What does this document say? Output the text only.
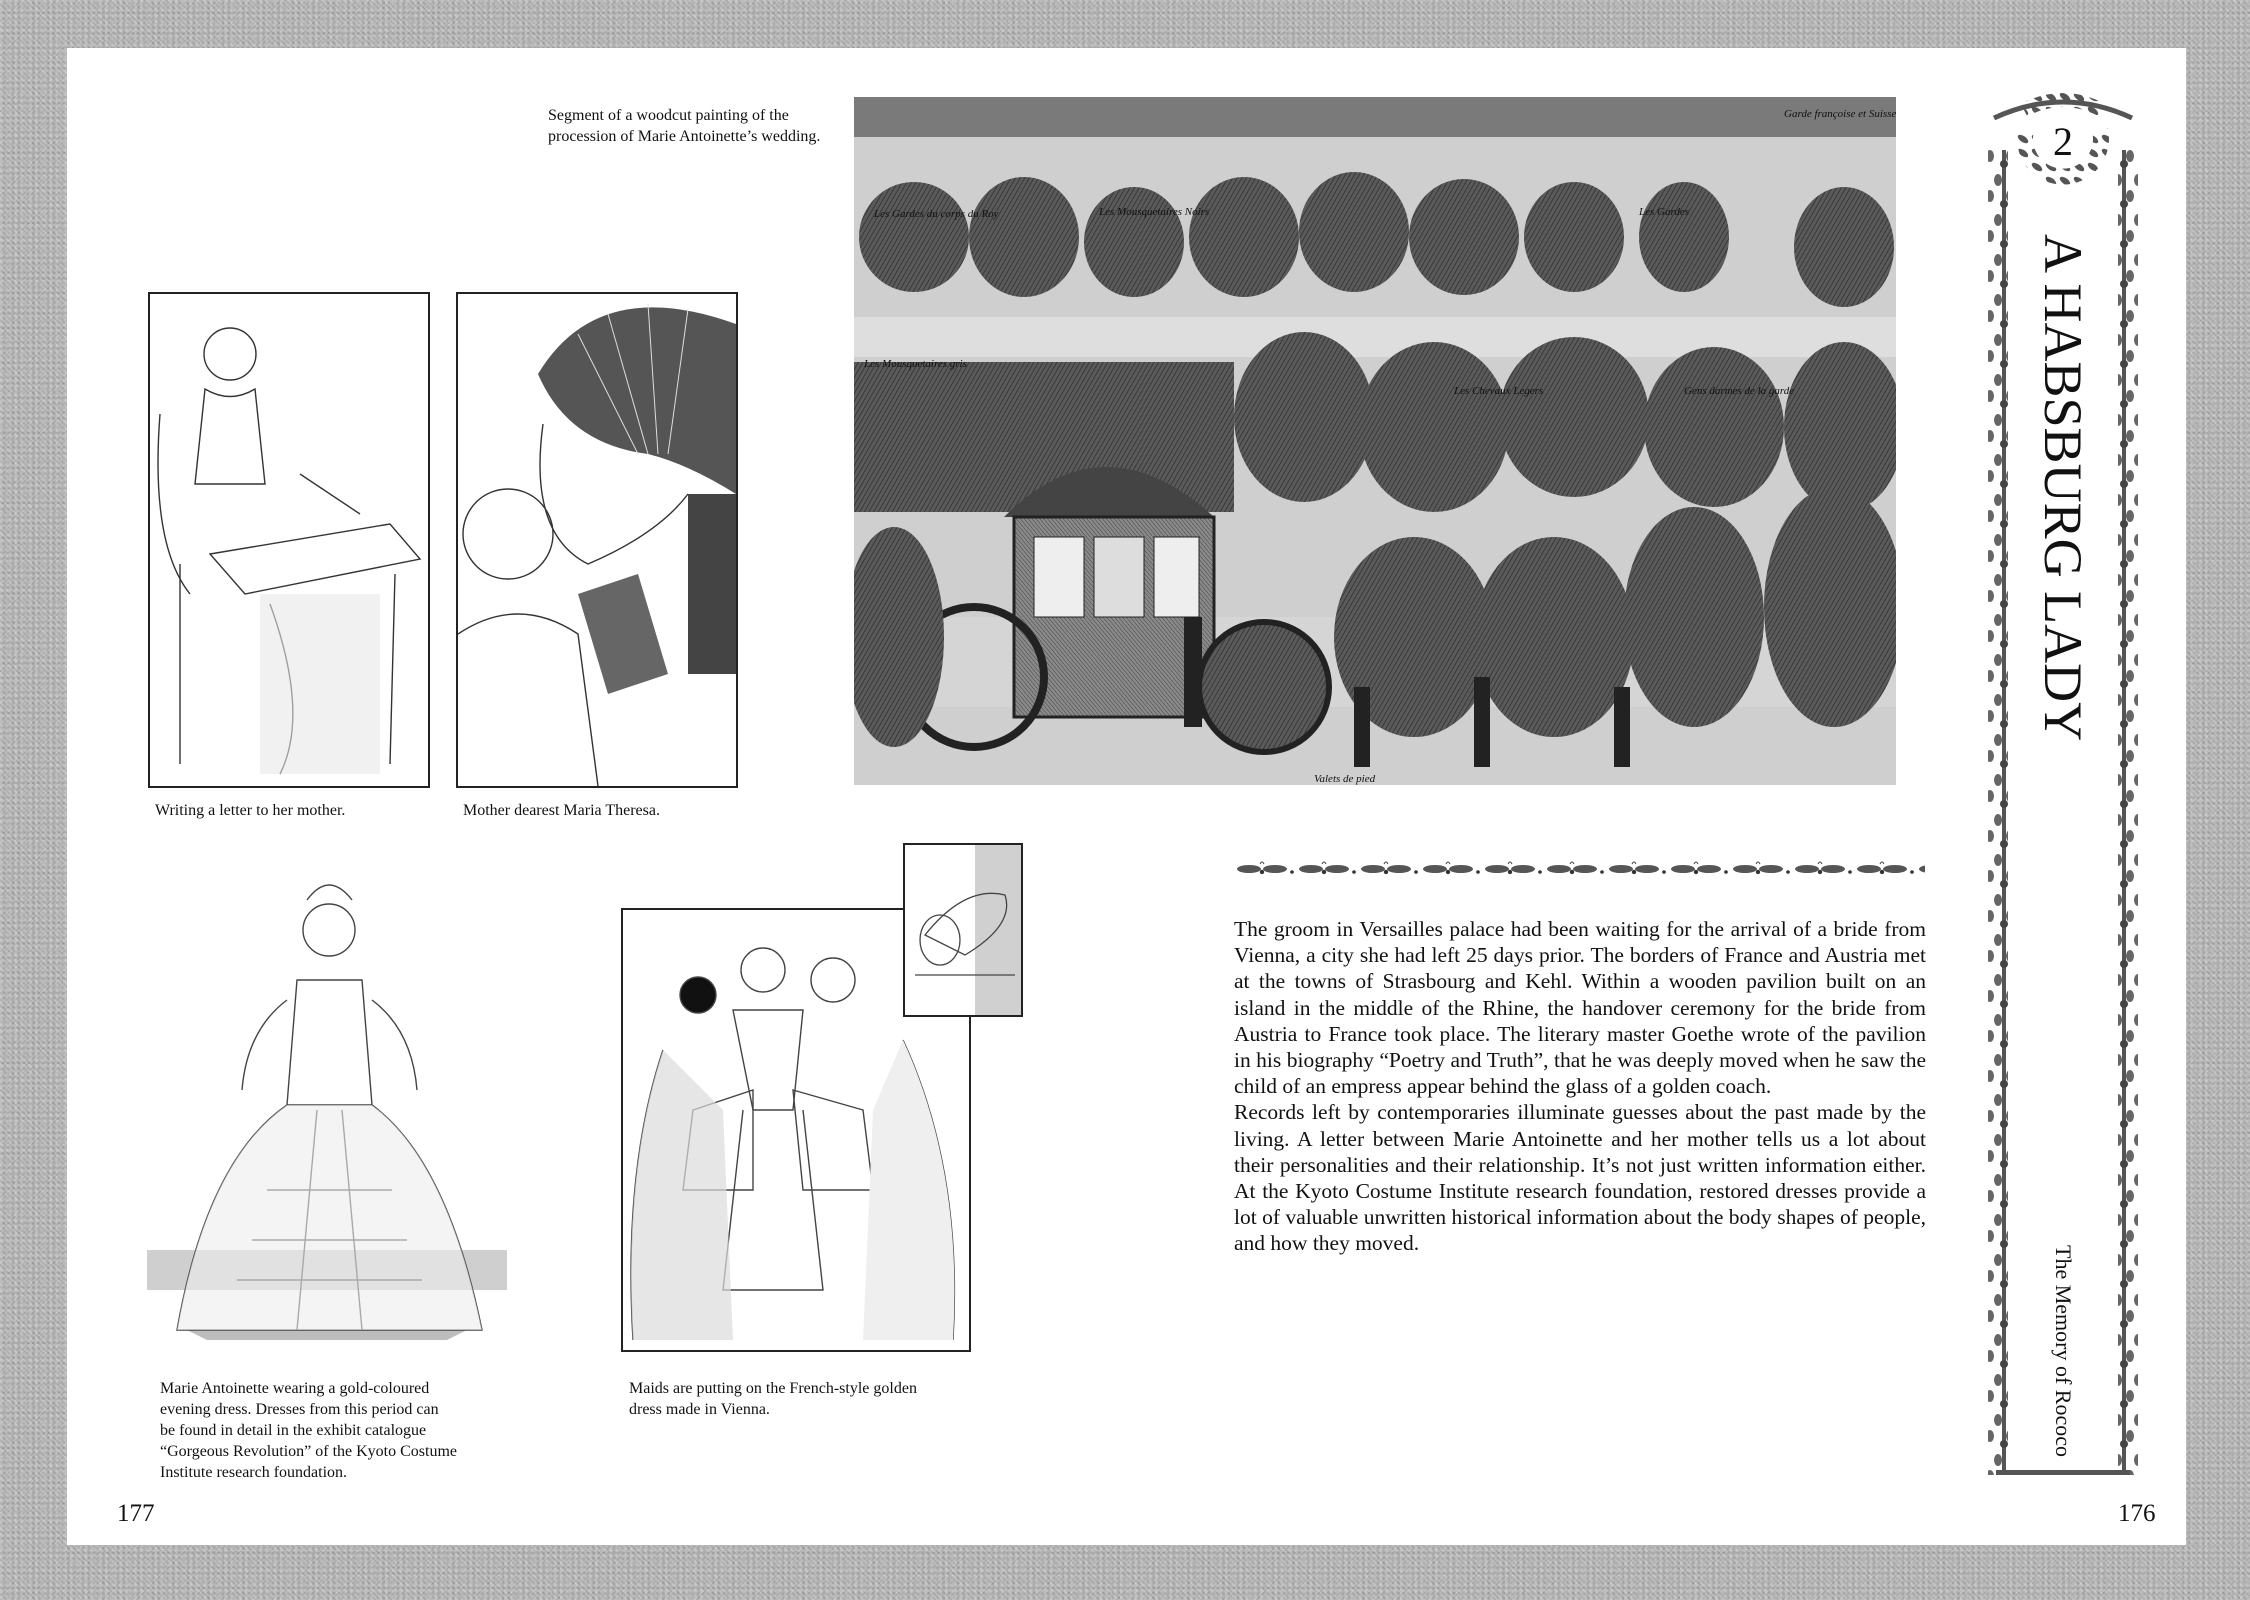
Segment of a woodcut painting of the
procession of Marie Antoinette’s wedding.
Les Gardes du corps du Roy	Les Mousquetaires Noirs	Les Gardes
Garde françoise et Suisse
Les Mousquetaires gris
Les Chevaux Legers	Gens darmes de la garde
Valets de pied
Writing a letter to her mother.	Mother dearest Maria Theresa.
Marie Antoinette wearing a gold-coloured
evening dress. Dresses from this period can
be found in detail in the exhibit catalogue
“Gorgeous Revolution” of the Kyoto Costume
Institute research foundation.
Maids are putting on the French-style golden
dress made in Vienna.

The groom in Versailles palace had been waiting for the arrival of a bride from Vienna, a city she had left 25 days prior. The borders of France and Austria met at the towns of Strasbourg and Kehl. Within a wooden pavilion built on an island in the middle of the Rhine, the handover ceremony for the bride from Austria to France took place. The literary master Goethe wrote of the pavilion in his biography “Poetry and Truth”, that he was deeply moved when he saw the child of an empress appear behind the glass of a golden coach.

Records left by contemporaries illuminate guesses about the past made by the living. A letter between Marie Antoinette and her mother tells us a lot about their personalities and their relationship. It’s not just written information either. At the Kyoto Costume Institute research foundation, restored dresses provide a lot of valuable unwritten historical information about the body shapes of people, and how they moved.

2
A HABSBURG LADY
The Memory of Rococo
177	176
